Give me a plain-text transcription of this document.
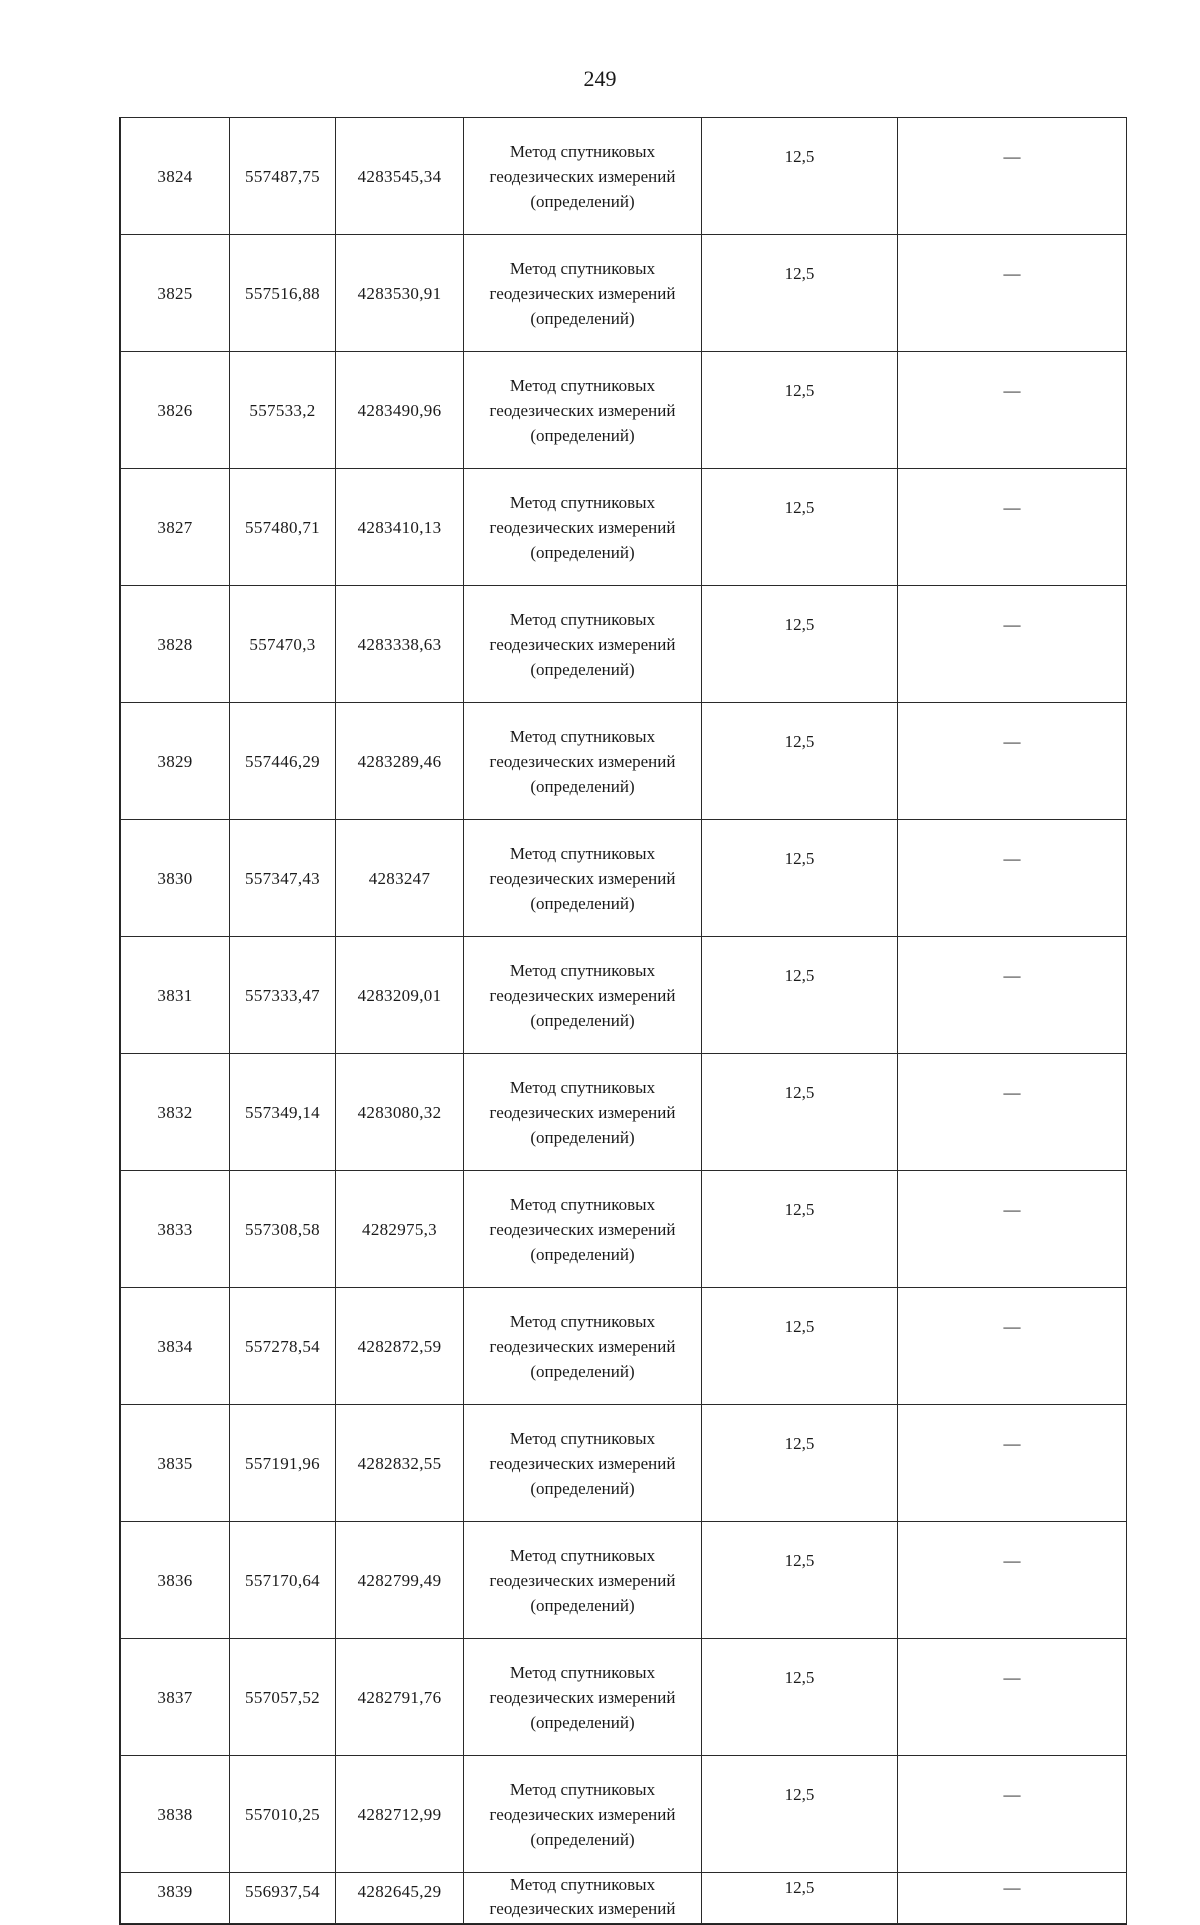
249
3824	557487,75	4283545,34	Метод спутниковых
геодезических измерений
(определений)	12,5	—
3825	557516,88	4283530,91	Метод спутниковых
геодезических измерений
(определений)	12,5	—
3826	557533,2	4283490,96	Метод спутниковых
геодезических измерений
(определений)	12,5	—
3827	557480,71	4283410,13	Метод спутниковых
геодезических измерений
(определений)	12,5	—
3828	557470,3	4283338,63	Метод спутниковых
геодезических измерений
(определений)	12,5	—
3829	557446,29	4283289,46	Метод спутниковых
геодезических измерений
(определений)	12,5	—
3830	557347,43	4283247	Метод спутниковых
геодезических измерений
(определений)	12,5	—
3831	557333,47	4283209,01	Метод спутниковых
геодезических измерений
(определений)	12,5	—
3832	557349,14	4283080,32	Метод спутниковых
геодезических измерений
(определений)	12,5	—
3833	557308,58	4282975,3	Метод спутниковых
геодезических измерений
(определений)	12,5	—
3834	557278,54	4282872,59	Метод спутниковых
геодезических измерений
(определений)	12,5	—
3835	557191,96	4282832,55	Метод спутниковых
геодезических измерений
(определений)	12,5	—
3836	557170,64	4282799,49	Метод спутниковых
геодезических измерений
(определений)	12,5	—
3837	557057,52	4282791,76	Метод спутниковых
геодезических измерений
(определений)	12,5	—
3838	557010,25	4282712,99	Метод спутниковых
геодезических измерений
(определений)	12,5	—
3839	556937,54	4282645,29	Метод спутниковых
геодезических измерений	12,5	—
